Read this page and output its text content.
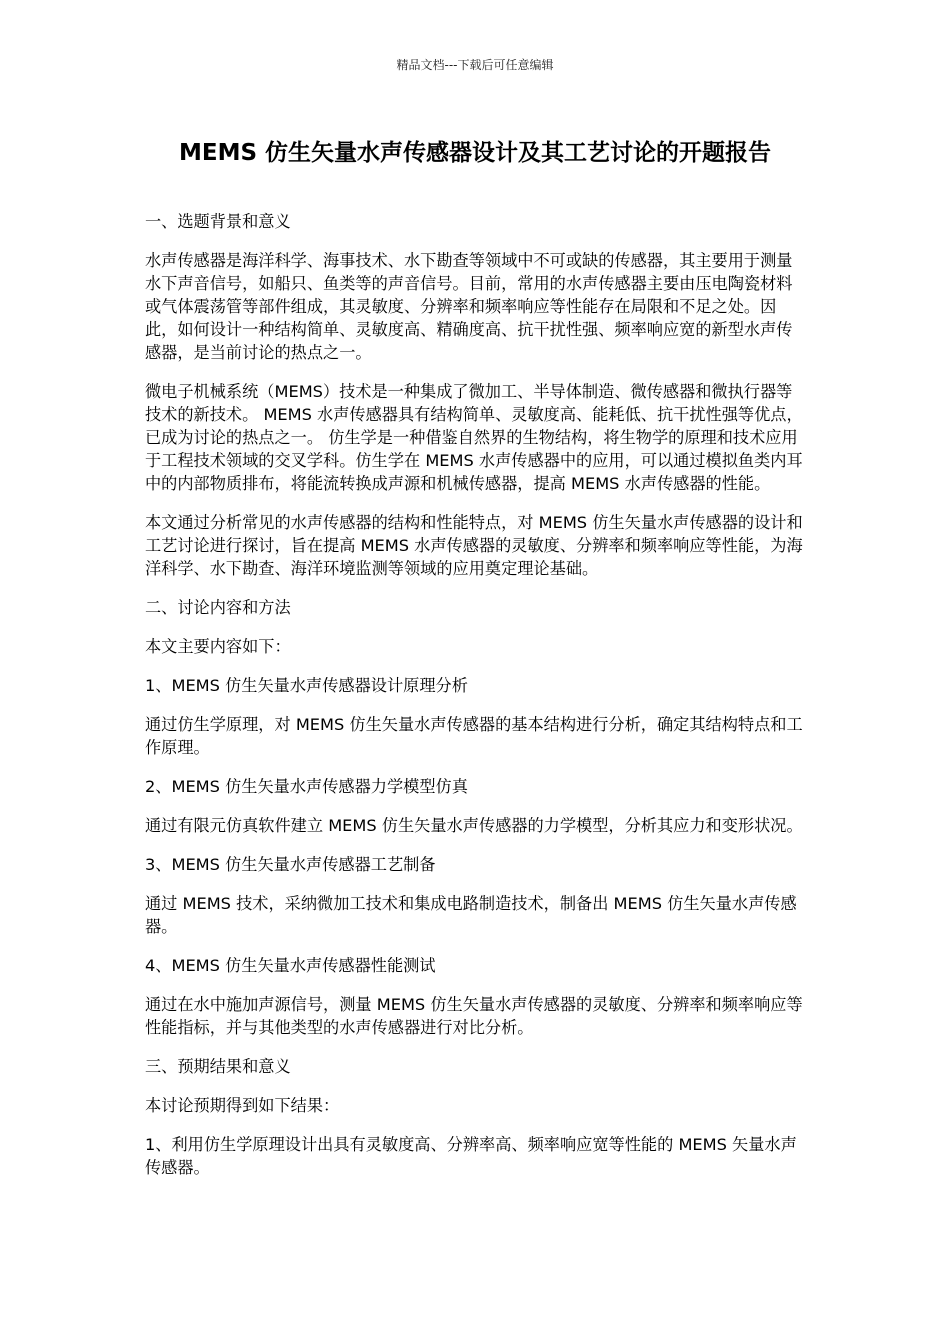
精品文档---下载后可任意编辑
MEMS 仿生矢量水声传感器设计及其工艺讨论的开题报告

一、选题背景和意义

水声传感器是海洋科学、海事技术、水下勘查等领域中不可或缺的传感器，其主要用于测量水下声音信号，如船只、鱼类等的声音信号。目前，常用的水声传感器主要由压电陶瓷材料或气体震荡管等部件组成，其灵敏度、分辨率和频率响应等性能存在局限和不足之处。因此，如何设计一种结构简单、灵敏度高、精确度高、抗干扰性强、频率响应宽的新型水声传感器，是当前讨论的热点之一。

微电子机械系统（MEMS）技术是一种集成了微加工、半导体制造、微传感器和微执行器等技术的新技术。 MEMS 水声传感器具有结构简单、灵敏度高、能耗低、抗干扰性强等优点，已成为讨论的热点之一。 仿生学是一种借鉴自然界的生物结构，将生物学的原理和技术应用于工程技术领域的交叉学科。仿生学在 MEMS 水声传感器中的应用，可以通过模拟鱼类内耳中的内部物质排布，将能流转换成声源和机械传感器，提高 MEMS 水声传感器的性能。

本文通过分析常见的水声传感器的结构和性能特点，对 MEMS 仿生矢量水声传感器的设计和工艺讨论进行探讨，旨在提高 MEMS 水声传感器的灵敏度、分辨率和频率响应等性能，为海洋科学、水下勘查、海洋环境监测等领域的应用奠定理论基础。

二、讨论内容和方法

本文主要内容如下：

1、MEMS 仿生矢量水声传感器设计原理分析

通过仿生学原理，对 MEMS 仿生矢量水声传感器的基本结构进行分析，确定其结构特点和工作原理。

2、MEMS 仿生矢量水声传感器力学模型仿真

通过有限元仿真软件建立 MEMS 仿生矢量水声传感器的力学模型，分析其应力和变形状况。

3、MEMS 仿生矢量水声传感器工艺制备

通过 MEMS 技术，采纳微加工技术和集成电路制造技术，制备出 MEMS 仿生矢量水声传感器。

4、MEMS 仿生矢量水声传感器性能测试

通过在水中施加声源信号，测量 MEMS 仿生矢量水声传感器的灵敏度、分辨率和频率响应等性能指标，并与其他类型的水声传感器进行对比分析。

三、预期结果和意义

本讨论预期得到如下结果：

1、利用仿生学原理设计出具有灵敏度高、分辨率高、频率响应宽等性能的 MEMS 矢量水声传感器。
